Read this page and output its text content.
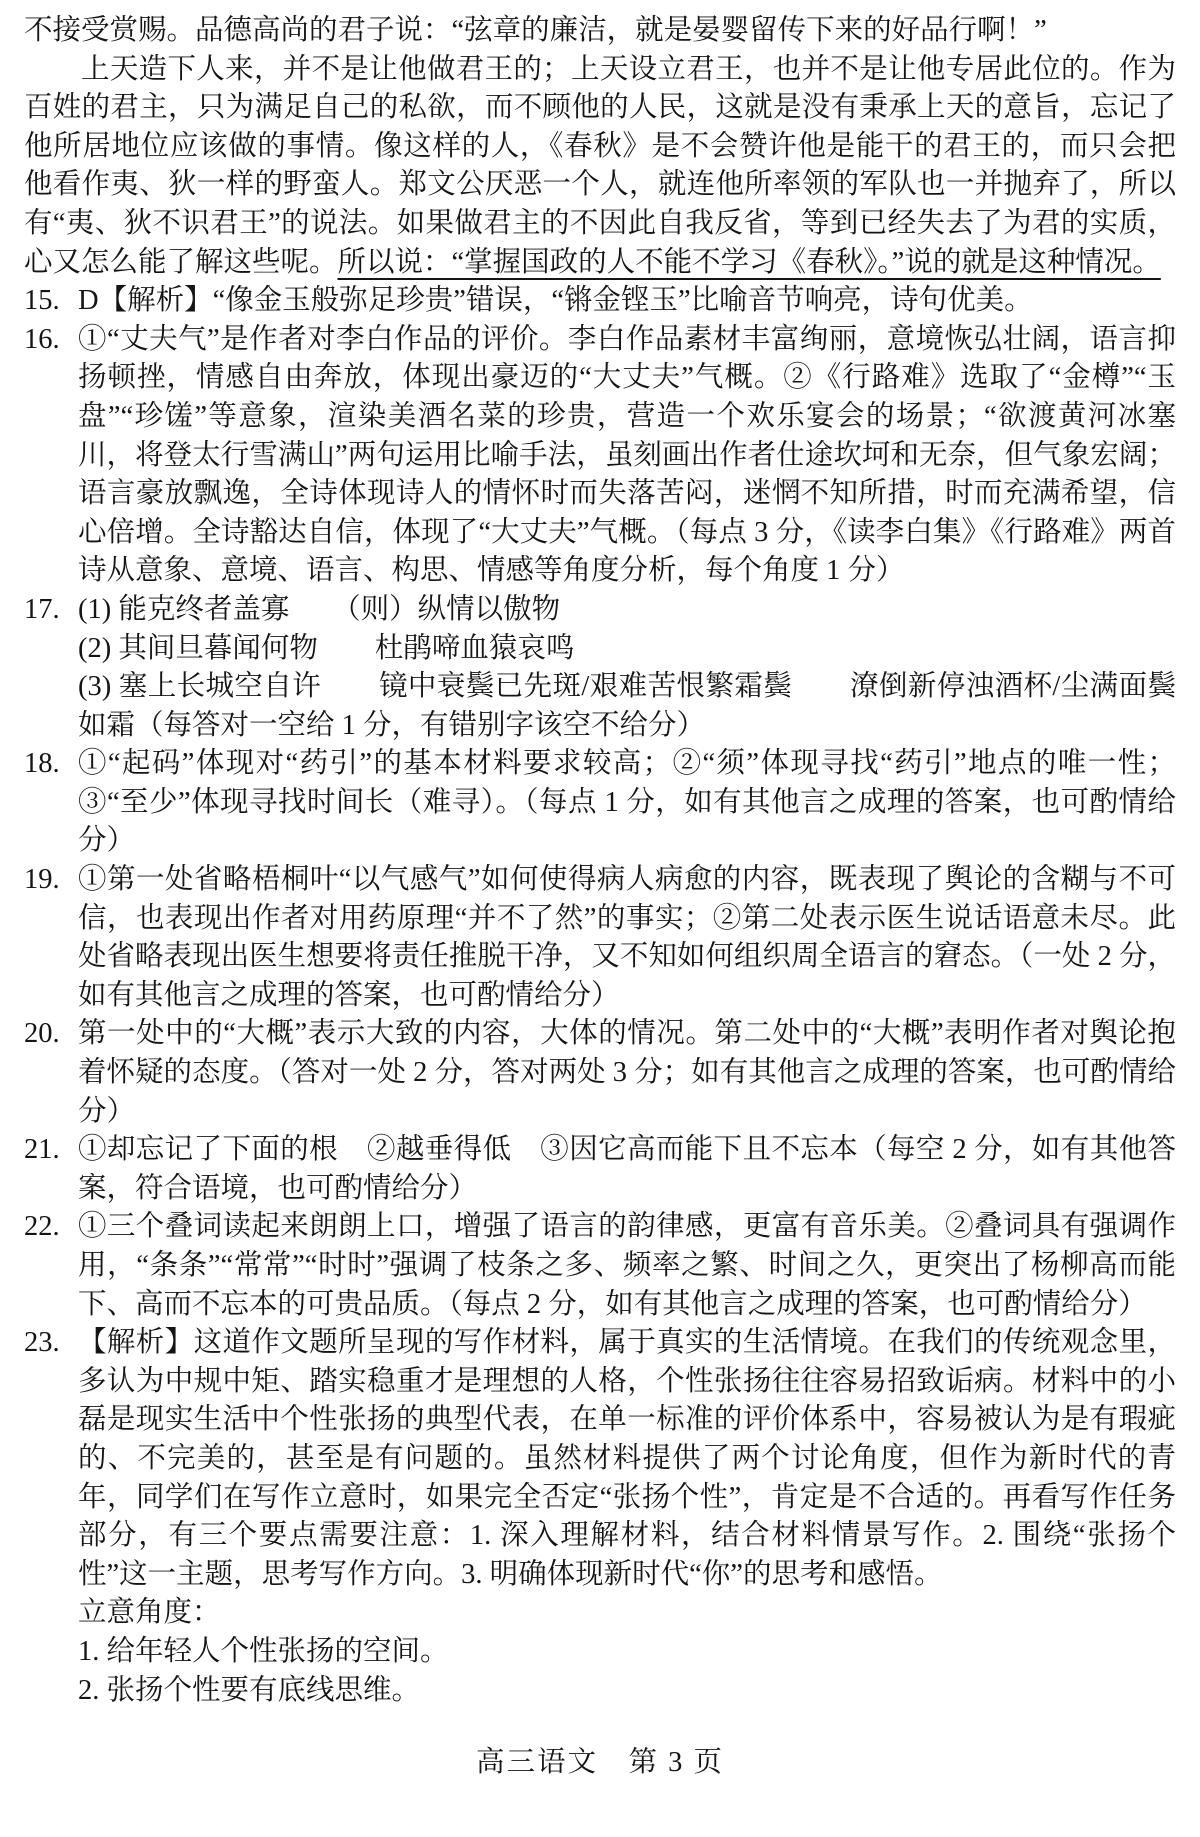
不接受赏赐。品德高尚的君子说：“弦章的廉洁，就是晏婴留传下来的好品行啊！”

上天造下人来，并不是让他做君王的；上天设立君王，也并不是让他专居此位的。作为百姓的君主，只为满足自己的私欲，而不顾他的人民，这就是没有秉承上天的意旨，忘记了他所居地位应该做的事情。像这样的人，《春秋》是不会赞许他是能干的君王的，而只会把他看作夷、狄一样的野蛮人。郑文公厌恶一个人，就连他所率领的军队也一并抛弃了，所以有“夷、狄不识君王”的说法。如果做君主的不因此自我反省，等到已经失去了为君的实质，心又怎么能了解这些呢。所以说：“掌握国政的人不能不学习《春秋》。”说的就是这种情况。

15. D【解析】“像金玉般弥足珍贵”错误，“锵金铿玉”比喻音节响亮，诗句优美。
16. ①“丈夫气”是作者对李白作品的评价。李白作品素材丰富绚丽，意境恢弘壮阔，语言抑扬顿挫，情感自由奔放，体现出豪迈的“大丈夫”气概。②《行路难》选取了“金樽”“玉盘”“珍馐”等意象，渲染美酒名菜的珍贵，营造一个欢乐宴会的场景；“欲渡黄河冰塞川，将登太行雪满山”两句运用比喻手法，虽刻画出作者仕途坎坷和无奈，但气象宏阔；语言豪放飘逸，全诗体现诗人的情怀时而失落苦闷，迷惘不知所措，时而充满希望，信心倍增。全诗豁达自信，体现了“大丈夫”气概。（每点 3 分，《读李白集》《行路难》两首诗从意象、意境、语言、构思、情感等角度分析，每个角度 1 分）
17. (1) 能克终者盖寡　　（则）纵情以傲物
(2) 其间旦暮闻何物　　杜鹃啼血猿哀鸣
(3) 塞上长城空自许　　镜中衰鬓已先斑/艰难苦恨繁霜鬓　　潦倒新停浊酒杯/尘满面鬓如霜（每答对一空给 1 分，有错别字该空不给分）
18. ①“起码”体现对“药引”的基本材料要求较高；②“须”体现寻找“药引”地点的唯一性；③“至少”体现寻找时间长（难寻）。（每点 1 分，如有其他言之成理的答案，也可酌情给分）
19. ①第一处省略梧桐叶“以气感气”如何使得病人病愈的内容，既表现了舆论的含糊与不可信，也表现出作者对用药原理“并不了然”的事实；②第二处表示医生说话语意未尽。此处省略表现出医生想要将责任推脱干净，又不知如何组织周全语言的窘态。（一处 2 分，如有其他言之成理的答案，也可酌情给分）
20. 第一处中的“大概”表示大致的内容，大体的情况。第二处中的“大概”表明作者对舆论抱着怀疑的态度。（答对一处 2 分，答对两处 3 分；如有其他言之成理的答案，也可酌情给分）
21. ①却忘记了下面的根　②越垂得低　③因它高而能下且不忘本（每空 2 分，如有其他答案，符合语境，也可酌情给分）
22. ①三个叠词读起来朗朗上口，增强了语言的韵律感，更富有音乐美。②叠词具有强调作用，“条条”“常常”“时时”强调了枝条之多、频率之繁、时间之久，更突出了杨柳高而能下、高而不忘本的可贵品质。（每点 2 分，如有其他言之成理的答案，也可酌情给分）
23. 【解析】这道作文题所呈现的写作材料，属于真实的生活情境。在我们的传统观念里，多认为中规中矩、踏实稳重才是理想的人格，个性张扬往往容易招致诟病。材料中的小磊是现实生活中个性张扬的典型代表，在单一标准的评价体系中，容易被认为是有瑕疵的、不完美的，甚至是有问题的。虽然材料提供了两个讨论角度，但作为新时代的青年，同学们在写作立意时，如果完全否定“张扬个性”，肯定是不合适的。再看写作任务部分，有三个要点需要注意：1. 深入理解材料，结合材料情景写作。2. 围绕“张扬个性”这一主题，思考写作方向。3. 明确体现新时代“你”的思考和感悟。
立意角度：
1. 给年轻人个性张扬的空间。
2. 张扬个性要有底线思维。
高三语文　第 3 页
